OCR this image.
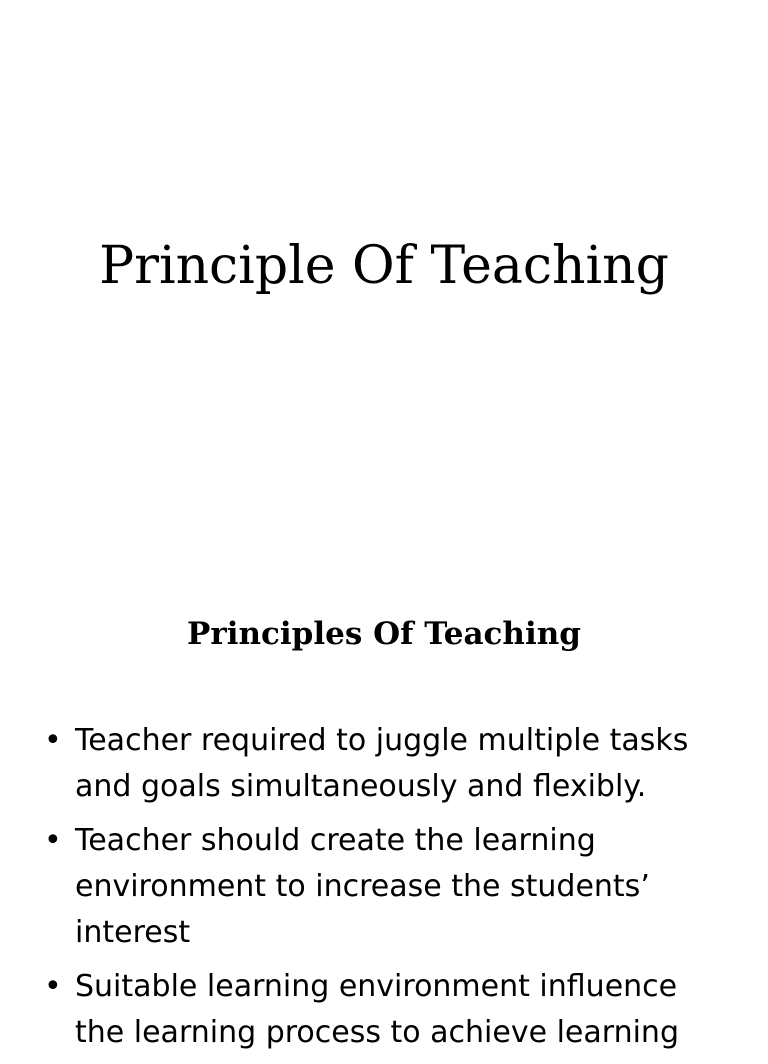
Principle Of Teaching
Principles Of Teaching
• Teacher required to juggle multiple tasks and goals simultaneously and flexibly.
• Teacher should create the learning environment to increase the students’ interest
• Suitable learning environment influence the learning process to achieve learning
